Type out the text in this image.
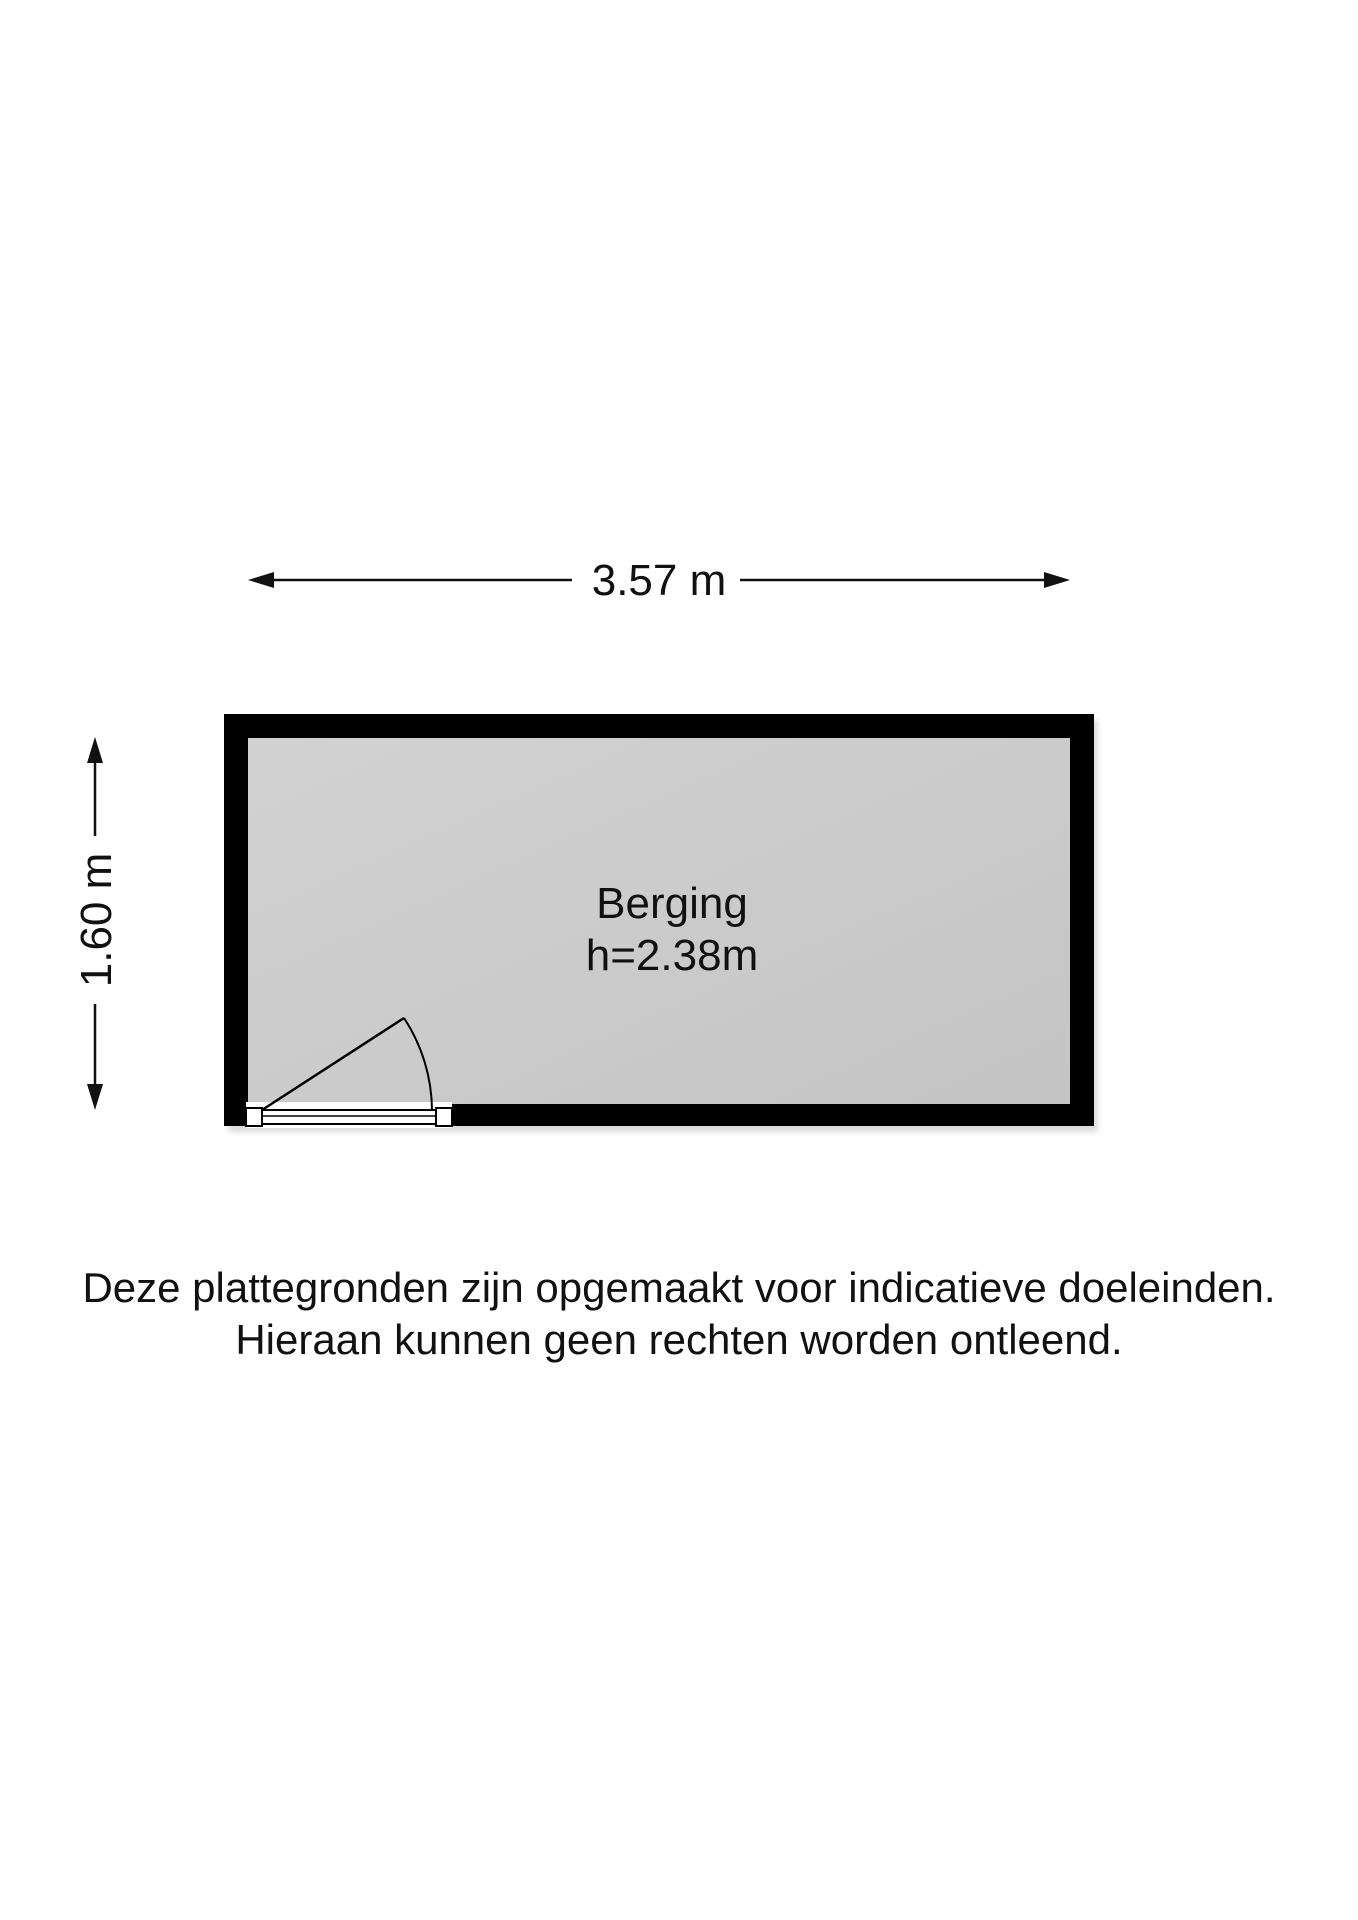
3.57 m
1.60 m	Berging
h=2.38m
Deze plattegronden zijn opgemaakt voor indicatieve doeleinden.
Hieraan kunnen geen rechten worden ontleend.
